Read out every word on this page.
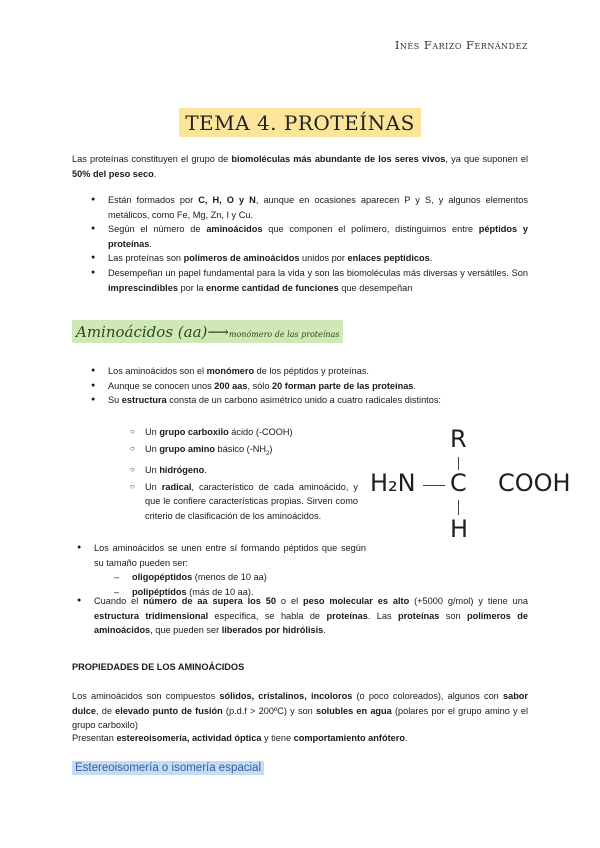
Inés Farizo Fernández
TEMA 4. PROTEÍNAS
Las proteínas constituyen el grupo de biomoléculas más abundante de los seres vivos, ya que suponen el 50% del peso seco.
● Están formados por C, H, O y N, aunque en ocasiones aparecen P y S, y algunos elementos metálicos, como Fe, Mg, Zn, I y Cu.
● Según el número de aminoácidos que componen el polímero, distinguimos entre péptidos y proteínas.
● Las proteínas son polímeros de aminoácidos unidos por enlaces peptídicos.
● Desempeñan un papel fundamental para la vida y son las biomoléculas más diversas y versátiles. Son imprescindibles por la enorme cantidad de funciones que desempeñan
Aminoácidos (aa)⟶monómero de las proteínas
● Los aminoácidos son el monómero de los péptidos y proteínas.
● Aunque se conocen unos 200 aas, sólo 20 forman parte de las proteínas.
● Su estructura consta de un carbono asimétrico unido a cuatro radicales distintos:
○ Un grupo carboxilo ácido (-COOH)
○ Un grupo amino básico $(-NH_2)$
○ Un hidrógeno.
○ Un radical, característico de cada aminoácido, y que le confiere características propias. Sirven como criterio de clasificación de los aminoácidos.
R
H₂N C COOH
H
● Los aminoácidos se unen entre sí formando péptidos que según su tamaño pueden ser:
– oligopéptidos (menos de 10 aa)
– polipéptidos (más de 10 aa).
● Cuando el número de aa supera los 50 o el peso molecular es alto (+5000 g/mol) y tiene una estructura tridimensional específica, se habla de proteínas. Las proteínas son polímeros de aminoácidos, que pueden ser liberados por hidrólisis.
PROPIEDADES DE LOS AMINOÁCIDOS
Los aminoácidos son compuestos sólidos, cristalinos, incoloros (o poco coloreados), algunos con sabor dulce, de elevado punto de fusión (p.d.f > 200ºC) y son solubles en agua (polares por el grupo amino y el grupo carboxilo)
Presentan estereoisomería, actividad óptica y tiene comportamiento anfótero.
Estereoisomería o isomería espacial
